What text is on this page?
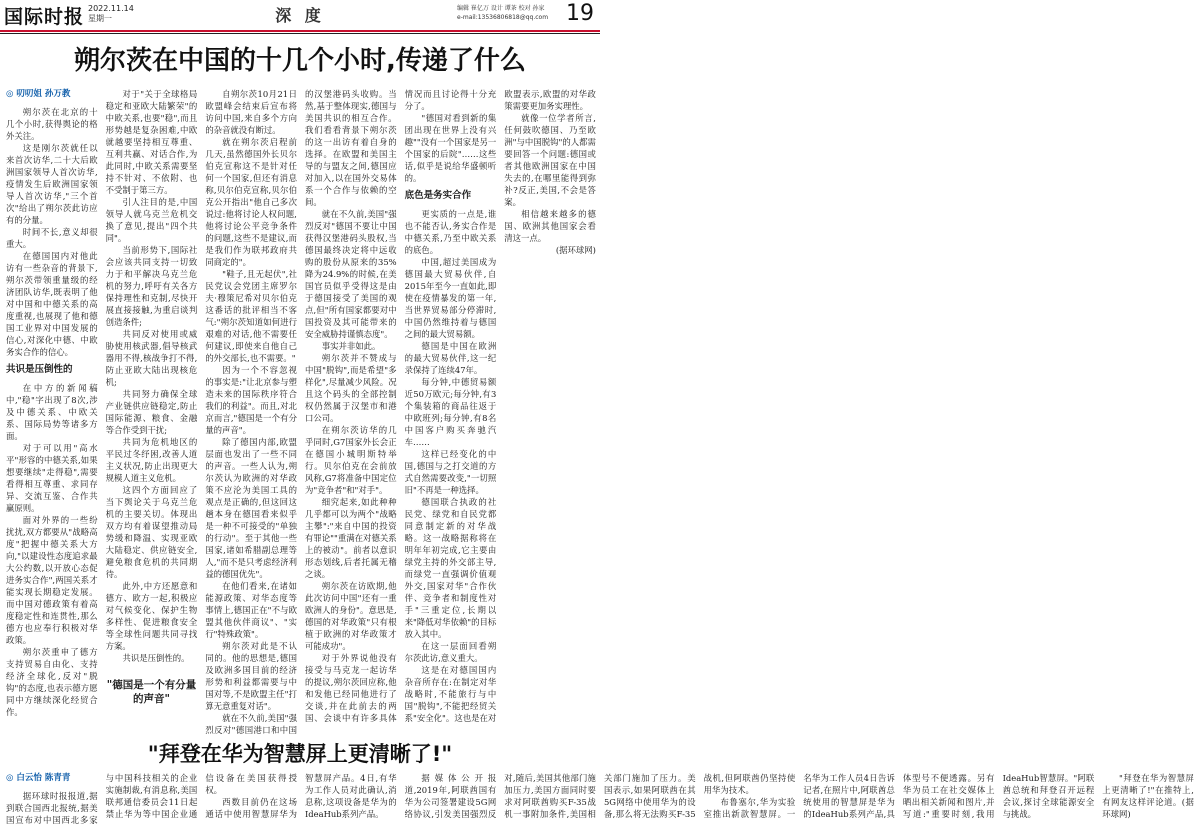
国际时报 2022.11.14
星期一	深 度	编辑 崔亿万 设计 谭茶 校对 孙家
e-mail:13536806818@qq.com 19
朔尔茨在中国的十几个小时,传递了什么

◎ 叨叨姐 孙万教

朔尔茨在北京的十几个小时,获得舆论的格外关注。

这是刚尔茨就任以来首次访华,二十大后欧洲国家领导人首次访华,疫情发生后欧洲国家领导人首次访华,"三个首次"给出了朔尔茨此访应有的分量。

时间不长,意义却很重大。

在德国国内对他此访有一些杂音的背景下,朔尔茨带领重量级的经济团队访华,既表明了他对中国和中德关系的高度重视,也展现了他和德国工业界对中国发展的信心,对深化中德、中欧务实合作的信心。

共识是压倒性的

在中方的新闻稿中,"稳"字出现了8次,涉及中德关系、中欧关系、国际局势等诸多方面。

对于可以用"高水平"形容的中德关系,如果想要继续"走得稳",需要看得相互尊重、求同存异、交流互鉴、合作共赢原则。

面对外界的一些纷扰扰,双方都要从"战略高度"把握中德关系大方向,"以建设性态度追求最大公约数,以开放心态促进务实合作",两国关系才能实现长期稳定发展。而中国对德政策有着高度稳定性和连贯性,那么德方也应奉行积极对华政策。

朔尔茨重申了德方支持贸易自由化、支持经济全球化,反对"脱钩"的态度,也表示德方愿同中方继续深化经贸合作。

对于"关于全球格局稳定和亚欧大陆繁荣"的中欧关系,也要"稳",而且形势越是复杂困难,中欧就越要坚持相互尊重、互利共赢、对话合作,为此同时,中欧关系需要坚持不针对、不依附、也不受制于第三方。

引人注目的是,中国领导人就乌克兰危机交换了意见,提出"四个共同"。

当前形势下,国际社会应该共同支持一切致力于和平解决乌克兰危机的努力,呼吁有关各方保持理性和克制,尽快开展直接接触,为重启谈判创造条件;

共同反对使用或威胁使用核武器,倡导核武器用不得,核战争打不得,防止亚欧大陆出现核危机;

共同努力确保全球产业链供应链稳定,防止国际能源、粮食、金融等合作受到干扰;

共同为危机地区的平民过冬纾困,改善人道主义状况,防止出现更大规模人道主义危机。

这四个方面回应了当下舆论关于乌克兰危机的主要关切。体现出双方均有着谋望推动局势缓和降温、实现亚欧大陆稳定、供应链安全,避免粮食危机的共同期待。

此外,中方还愿意和德方、欧方一起,积极应对气候变化、保护生物多样性、促进粮食安全等全球性问题共同寻找方案。

共识是压倒性的。

"德国是一个有分量的声音"

自朔尔茨10月21日欧盟峰会结束后宣布将访问中国,来自多个方向的杂音就没有断过。

就在朔尔茨启程前几天,虽然德国外长贝尔伯克宣称这不是针对任何一个国家,但还有消息称,贝尔伯克宣称,贝尔伯克公开指出"他自己多次说过:他将讨论人权问题,他将讨论公平竞争条件的问题,这些不是建议,而是我们作为联邦政府共同商定的"。

"鞋子,且无起伏",社民党议会党团主席罗尔夫·穆策尼希对贝尔伯克这番话的批评相当不客气:"朔尔茨知道如何进行艰难的对话,他不需要任何建议,即使来自他自己的外交部长,也不需要。"

因为一个不容忽视的事实是:"让北京参与塑造未来的国际秩序符合我们的利益"。而且,对北京而言,"德国是一个有分量的声音"。

除了德国内部,欧盟层面也发出了一些不同的声音。一些人认为,朔尔茨认为欧洲的对华政策不应沦为美国工具的观点是正确的,但这回这趟本身在德国看来似乎是一种不可接受的"单独的行动"。至于其他一些国家,诸如希腊副总理等人,"而不是只考虑经济利益的德国优先"。

在他们看来,在诸如能源政策、对华态度等事情上,德国正在"不与欧盟其他伙伴商议"、"实行"特殊政策"。

朔尔茨对此是不认同的。他的思想是,德国及欧洲多国目前的经济形势和利益都需要与中国对等,不是欧盟主任"打算无意重复对话"。

就在不久前,美国"强烈反对"德国港口和中国的汉堡港码头收购。当然,基于整体现实,德国与美国共识的相互合作。我们看看背景下朔尔茨的这一出访有着自身的选择。在欧盟和美国主导的与盟友之间,德国应对加入,以在国外交易体系一个合作与依赖的空间。

就在不久前,美国"强烈反对"德国不要让中国获得汉堡港码头股权,当德国最终决定将中远收购的股份从原来的35%降为24.9%的时候,在美国官员似乎受得这是由于德国接受了美国的观点,但"所有国家都要对中国投资及其可能带来的安全威胁持谨慎态度"。

事实并非如此。

朔尔茨并不赞成与中国"脱钩",而是希望"多样化",尽量减少风险。况且这个码头的全部控制权仍然属于汉堡市和港口公司。

在朔尔茨访华的几乎同时,G7国家外长会正在德国小城明斯特举行。贝尔伯克在会前放风称,G7将准备中国定位为"竞争者"和"对手"。

细究起来,如此种种几乎都可以为两个"战略主攀":"来自中国的投资有罪论""重满在对德关系上的被动"。前者以意识形态划线,后者托属无稽之谈。

朔尔茨在访欧期,他此次访问中国"还有一重欧洲人的身份"。意思是,德国的对华政策"只有根植于欧洲的对华政策才可能成功"。

对于外界说他没有接受与马克龙一起访华的提议,朔尔茨回应称,他和发他已经同他进行了交谈,并在此前去的两国、会谈中有许多具体情况而且讨论得十分充分了。

"德国对看到新的集团出现在世界上没有兴趣""没有一个国家是另一个国家的后院"……这些话,似乎是说给华盛顿听的。

底色是务实合作

更实质的一点是,谁也不能否认,务实合作是中德关系,乃至中欧关系的底色。

中国,超过美国成为德国最大贸易伙伴,自2015年至今一直如此,即使在疫情暴发的第一年,当世界贸易部分停滞时,中国仍然维持着与德国之间的最大贸易额。

德国是中国在欧洲的最大贸易伙伴,这一纪录保持了连续47年。

每分钟,中德贸易额近50万欧元;每分钟,有3个集装箱的商品往返于中欧班列;每分钟,有8名中国客户购买奔驰汽车……

这样已经变化的中国,德国与之打交道的方式自然需要改变,"一切照旧"不再是一种选择。

德国联合执政的社民党、绿党和自民党都同意制定新的对华战略。这一战略据称将在明年年初完成,它主要由绿党主持的外交部主导,而绿党一直强调价值观外交,国家对华"合作伙伴、竞争者和制度性对手"三重定位,长期以来"降低对华依赖"的目标放入其中。

在这一层面回看朔尔茨此访,意义重大。

这是在对德国国内杂音所存在:在制定对华战略时,不能旅行与中国"脱钩",不能把经贸关系"安全化"。这也是在对欧盟表示,欧盟的对华政策需要更加务实理性。

就像一位学者所言,任何鼓吹德国、乃至欧洲"与中国脱钩"的人都需要回答一个问题:德国或者其他欧洲国家在中国失去的,在哪里能得到弥补?反正,美国,不会是答案。

相信越来越多的德国、欧洲其他国家会看清这一点。

(据环球网)

"拜登在华为智慧屏上更清晰了!"

◎ 白云怡 陈青青

据环球时报报道,据到联合国西北报统,据美国宣布对中国西北多家与中国科技相关的企业实施制裁,有消息称,美国联邦通信委员会11日起禁止华为等中国企业通信设备在美国获得授权。

西数目前仍在这场通话中使用智慧屏华为智慧屏产品。4日,有华为工作人员对此确认,消息称,这项设备是华为的IdeaHub系列产品。

据媒体公开报道,2019年,阿联酋国有华为公司签署建设5G网络协议,引发美国强烈反对,随后,美国其他部门施加压力,美国方面同时要求对阿联酋购买F-35战机一事附加条件,美国相关部门施加了压力。美国表示,如果阿联酋在其5G网络中使用华为的设备,那么将无法购买F-35战机,但阿联酋仍坚持使用华为技术。

布鲁塞尔,华为实验室推出新款智慧屏。一名华为工作人员4日告诉记者,在照片中,阿联酋总统使用的智慧屏是华为的IdeaHub系列产品,具体型号不便透露。另有华为员工在社交媒体上晒出相关新闻和图片,并写道:"重要时刻,我用IdeaHub智慧屏。"阿联酋总统和拜登召开远程会议,探讨全球能源安全与挑战。

"拜登在华为智慧屏上更清晰了!"在推特上,有网友这样评论道。(据环球网)
